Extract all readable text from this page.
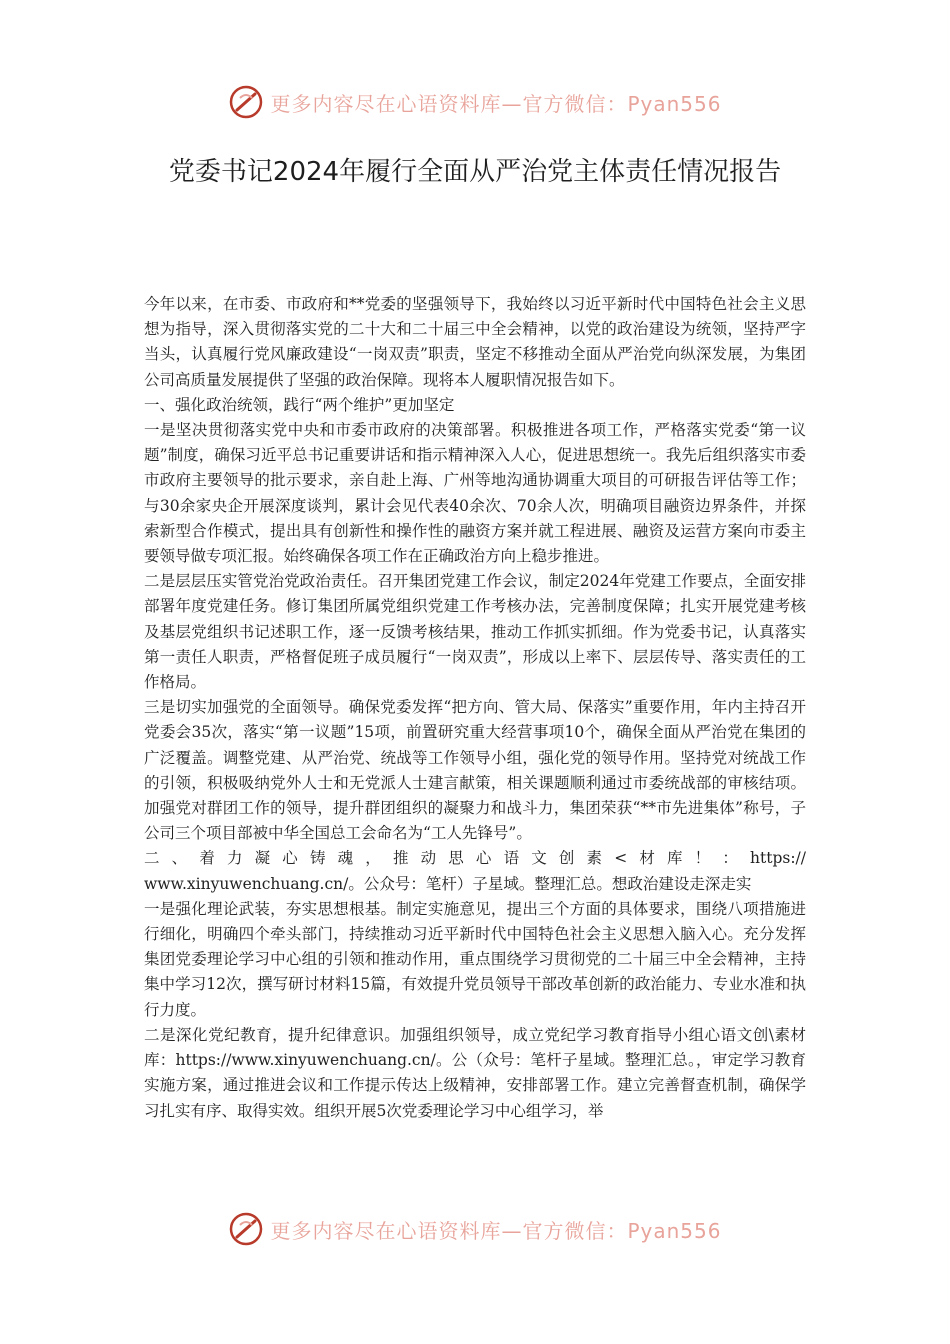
更多内容尽在心语资料库—官方微信：Pyan556
党委书记2024年履行全面从严治党主体责任情况报告

今年以来，在市委、市政府和**党委的坚强领导下，我始终以习近平新时代中国特色社会主义思想为指导，深入贯彻落实党的二十大和二十届三中全会精神，以党的政治建设为统领，坚持严字当头，认真履行党风廉政建设“一岗双责”职责，坚定不移推动全面从严治党向纵深发展，为集团公司高质量发展提供了坚强的政治保障。现将本人履职情况报告如下。

一、强化政治统领，践行“两个维护”更加坚定

一是坚决贯彻落实党中央和市委市政府的决策部署。积极推进各项工作，严格落实党委“第一议题”制度，确保习近平总书记重要讲话和指示精神深入人心，促进思想统一。我先后组织落实市委市政府主要领导的批示要求，亲自赴上海、广州等地沟通协调重大项目的可研报告评估等工作；与30余家央企开展深度谈判，累计会见代表40余次、70余人次，明确项目融资边界条件，并探索新型合作模式，提出具有创新性和操作性的融资方案并就工程进展、融资及运营方案向市委主要领导做专项汇报。始终确保各项工作在正确政治方向上稳步推进。

二是层层压实管党治党政治责任。召开集团党建工作会议，制定2024年党建工作要点，全面安排部署年度党建任务。修订集团所属党组织党建工作考核办法，完善制度保障；扎实开展党建考核及基层党组织书记述职工作，逐一反馈考核结果，推动工作抓实抓细。作为党委书记，认真落实第一责任人职责，严格督促班子成员履行“一岗双责”，形成以上率下、层层传导、落实责任的工作格局。

三是切实加强党的全面领导。确保党委发挥“把方向、管大局、保落实”重要作用，年内主持召开党委会35次，落实“第一议题”15项，前置研究重大经营事项10个，确保全面从严治党在集团的广泛覆盖。调整党建、从严治党、统战等工作领导小组，强化党的领导作用。坚持党对统战工作的引领，积极吸纳党外人士和无党派人士建言献策，相关课题顺利通过市委统战部的审核结项。加强党对群团工作的领导，提升群团组织的凝聚力和战斗力，集团荣获“**市先进集体”称号，子公司三个项目部被中华全国总工会命名为“工人先锋号”。

二、着力凝心铸魂，推动思心语文创素<材库！：https://

www.xinyuwenchuang.cn/。公众号：笔杆）子星域。整理汇总。想政治建设走深走实

一是强化理论武装，夯实思想根基。制定实施意见，提出三个方面的具体要求，围绕八项措施进行细化，明确四个牵头部门，持续推动习近平新时代中国特色社会主义思想入脑入心。充分发挥集团党委理论学习中心组的引领和推动作用，重点围绕学习贯彻党的二十届三中全会精神，主持集中学习12次，撰写研讨材料15篇，有效提升党员领导干部改革创新的政治能力、专业水准和执行力度。

二是深化党纪教育，提升纪律意识。加强组织领导，成立党纪学习教育指导小组心语文创\素材库：https://www.xinyuwenchuang.cn/。公（众号：笔杆子星域。整理汇总。，审定学习教育实施方案，通过推进会议和工作提示传达上级精神，安排部署工作。建立完善督查机制，确保学习扎实有序、取得实效。组织开展5次党委理论学习中心组学习，举

更多内容尽在心语资料库—官方微信：Pyan556
